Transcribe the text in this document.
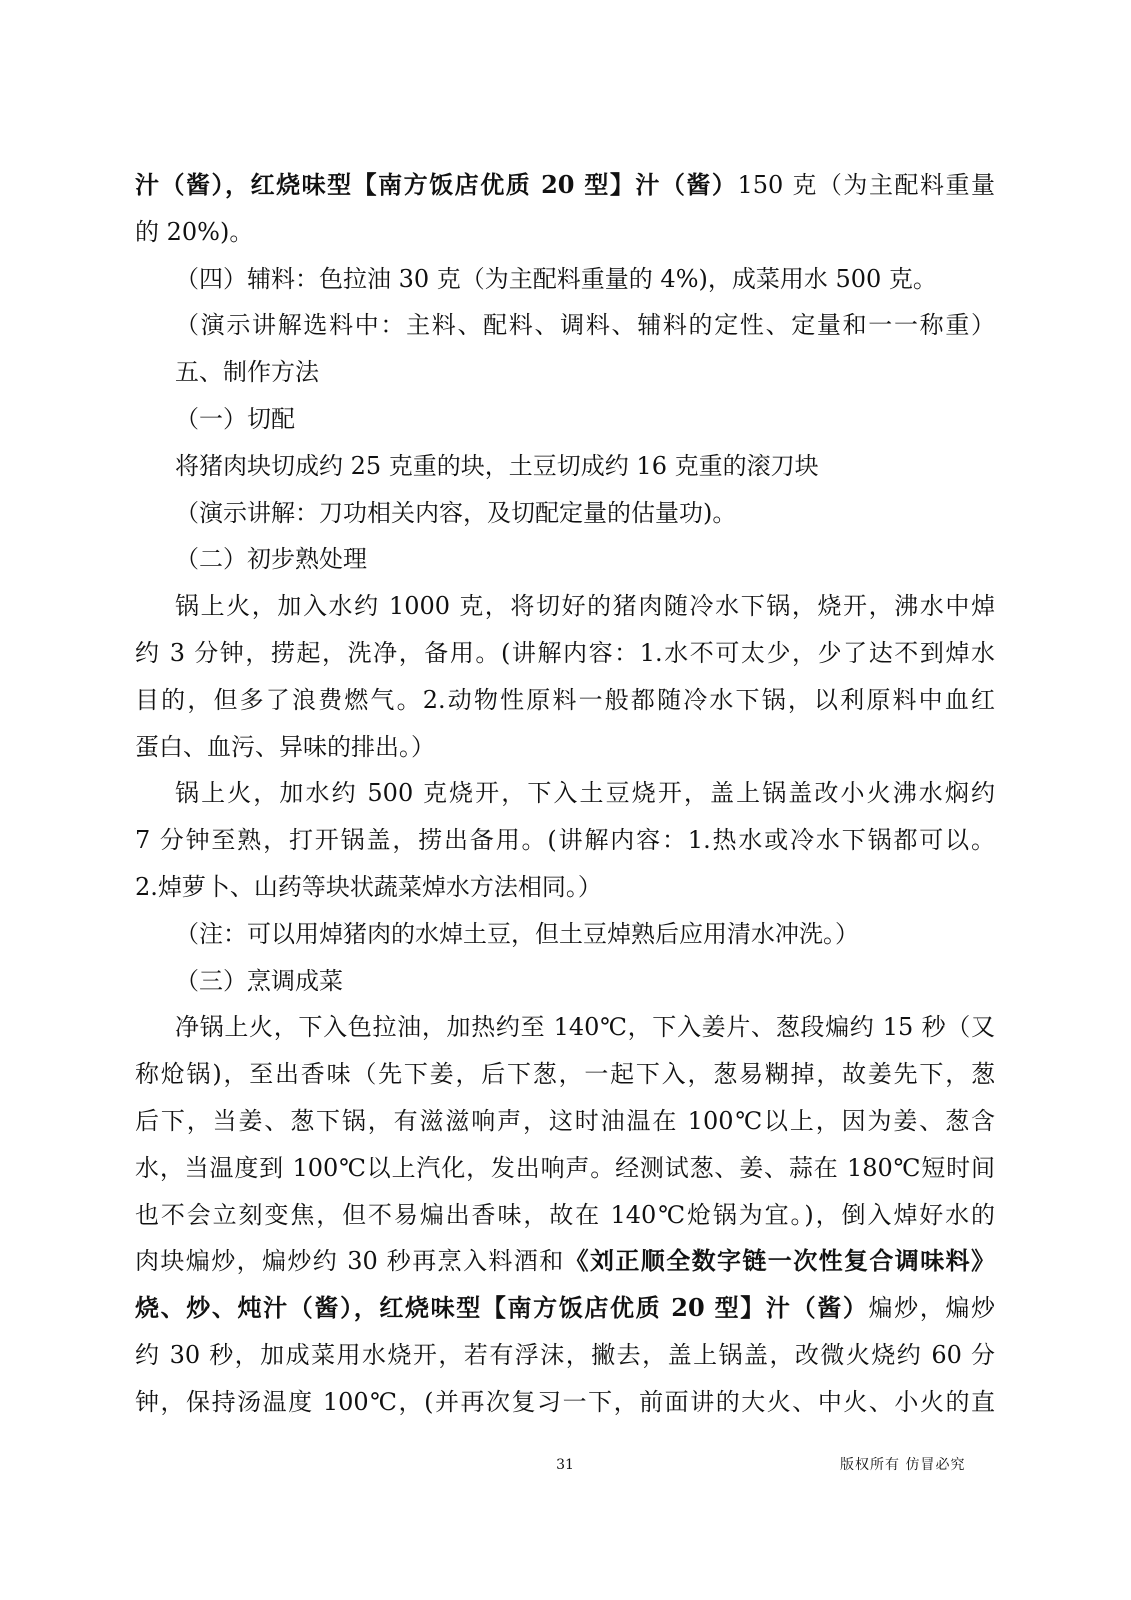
汁（酱），红烧味型【南方饭店优质 20 型】汁（酱）150 克（为主配料重量
的 20%)。
（四）辅料：色拉油 30 克（为主配料重量的 4%)，成菜用水 500 克。
（演示讲解选料中：主料、配料、调料、辅料的定性、定量和一一称重）
五、制作方法
（一）切配
将猪肉块切成约 25 克重的块，土豆切成约 16 克重的滚刀块
（演示讲解：刀功相关内容，及切配定量的估量功)。
（二）初步熟处理
锅上火，加入水约 1000 克，将切好的猪肉随冷水下锅，烧开，沸水中焯
约 3 分钟，捞起，洗净，备用。(讲解内容：1.水不可太少，少了达不到焯水
目的，但多了浪费燃气。2.动物性原料一般都随冷水下锅，以利原料中血红
蛋白、血污、异味的排出。）
锅上火，加水约 500 克烧开，下入土豆烧开，盖上锅盖改小火沸水焖约
7 分钟至熟，打开锅盖，捞出备用。(讲解内容：1.热水或冷水下锅都可以。
2.焯萝卜、山药等块状蔬菜焯水方法相同。）
（注：可以用焯猪肉的水焯土豆，但土豆焯熟后应用清水冲洗。）
（三）烹调成菜
净锅上火，下入色拉油，加热约至 140℃，下入姜片、葱段煸约 15 秒（又
称炝锅)，至出香味（先下姜，后下葱，一起下入，葱易糊掉，故姜先下，葱
后下，当姜、葱下锅，有滋滋响声，这时油温在 100℃以上，因为姜、葱含
水，当温度到 100℃以上汽化，发出响声。经测试葱、姜、蒜在 180℃短时间
也不会立刻变焦，但不易煸出香味，故在 140℃炝锅为宜。)，倒入焯好水的
肉块煸炒，煸炒约 30 秒再烹入料酒和《刘正顺全数字链一次性复合调味料》
烧、炒、炖汁（酱），红烧味型【南方饭店优质 20 型】汁（酱）煸炒，煸炒
约 30 秒，加成菜用水烧开，若有浮沫，撇去，盖上锅盖，改微火烧约 60 分
钟，保持汤温度 100℃，(并再次复习一下，前面讲的大火、中火、小火的直
31	版权所有 仿冒必究
